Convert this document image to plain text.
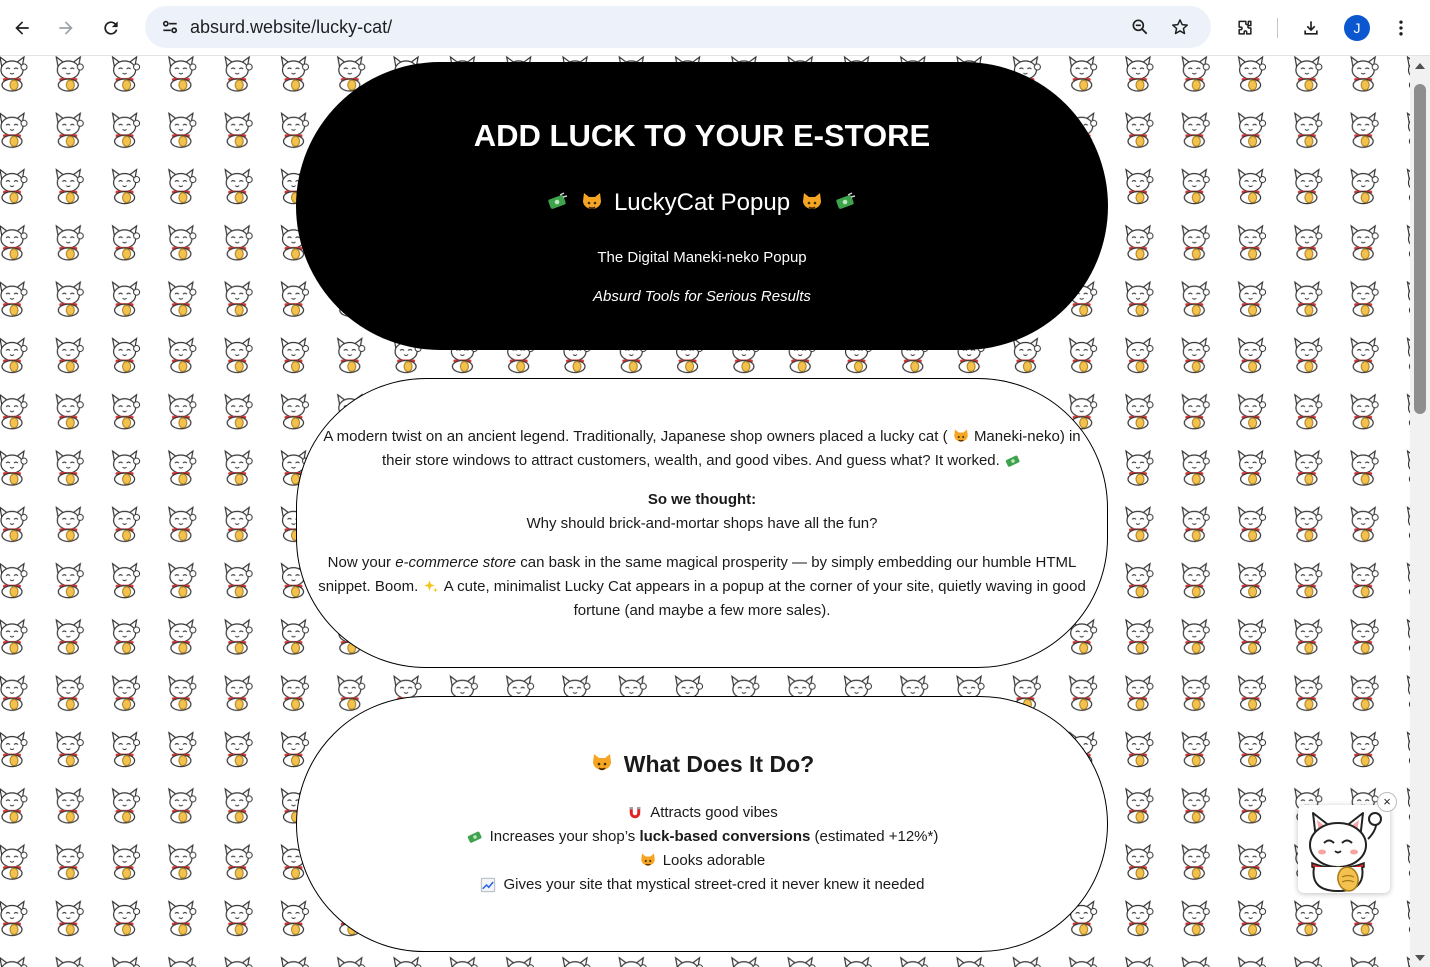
absurd.website/lucky-cat/	J
ADD LUCK TO YOUR E-STORE
LuckyCat Popup
The Digital Maneki-neko Popup
Absurd Tools for Serious Results

A modern twist on an ancient legend. Traditionally, Japanese shop owners placed a lucky cat ( Maneki-neko) in their store windows to attract customers, wealth, and good vibes. And guess what? It worked.

So we thought:
Why should brick-and-mortar shops have all the fun?

Now your e-commerce store can bask in the same magical prosperity — by simply embedding our humble HTML snippet. Boom. A cute, minimalist Lucky Cat appears in a popup at the corner of your site, quietly waving in good fortune (and maybe a few more sales).

What Does It Do?
Attracts good vibes
Increases your shop’s luck-based conversions (estimated +12%*)
Looks adorable
Gives your site that mystical street-cred it never knew it needed
×
